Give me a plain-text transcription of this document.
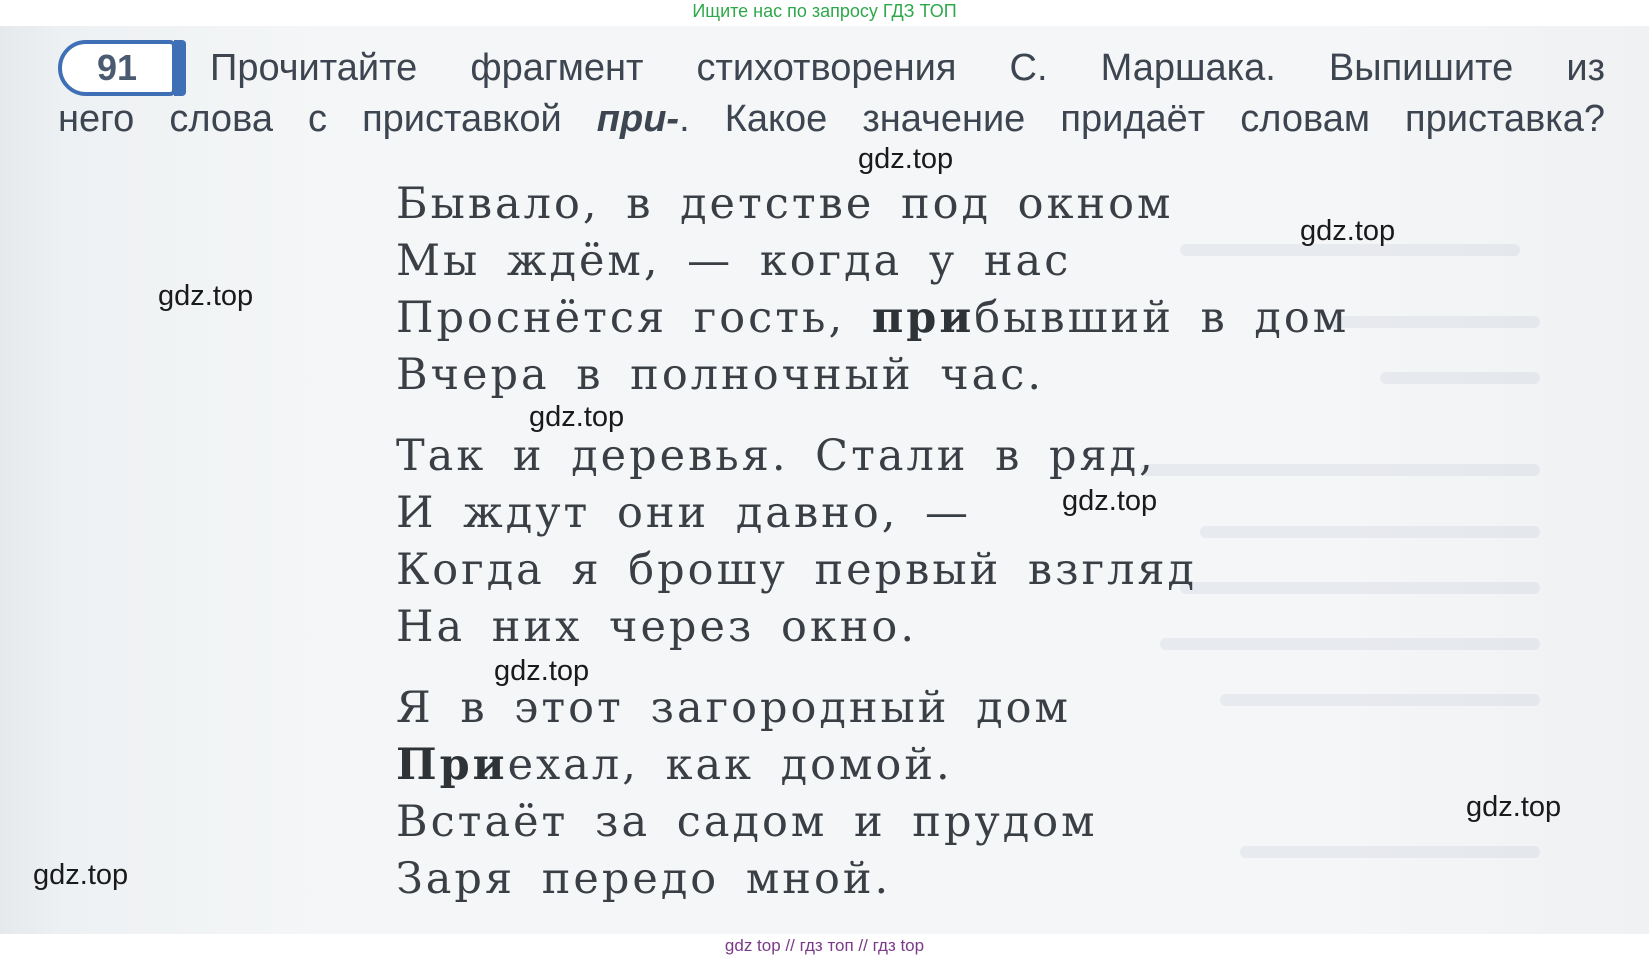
Ищите нас по запросу ГДЗ ТОП
91	Прочитайте фрагмент стихотворения С. Маршака. Выпишите из
него слова с приставкой при-. Какое значение придаёт словам приставка?
Бывало, в детстве под окном
Мы ждём, — когда у нас
Проснётся гость, прибывший в дом
Вчера в полночный час.
Так и деревья. Стали в ряд,
И ждут они давно, —
Когда я брошу первый взгляд
На них через окно.
Я в этот загородный дом
Приехал, как домой.
Встаёт за садом и прудом
Заря передо мной.
gdz.top
gdz.top
gdz.top
gdz.top
gdz.top
gdz.top
gdz.top
gdz.top
gdz top // гдз топ // гдз top
